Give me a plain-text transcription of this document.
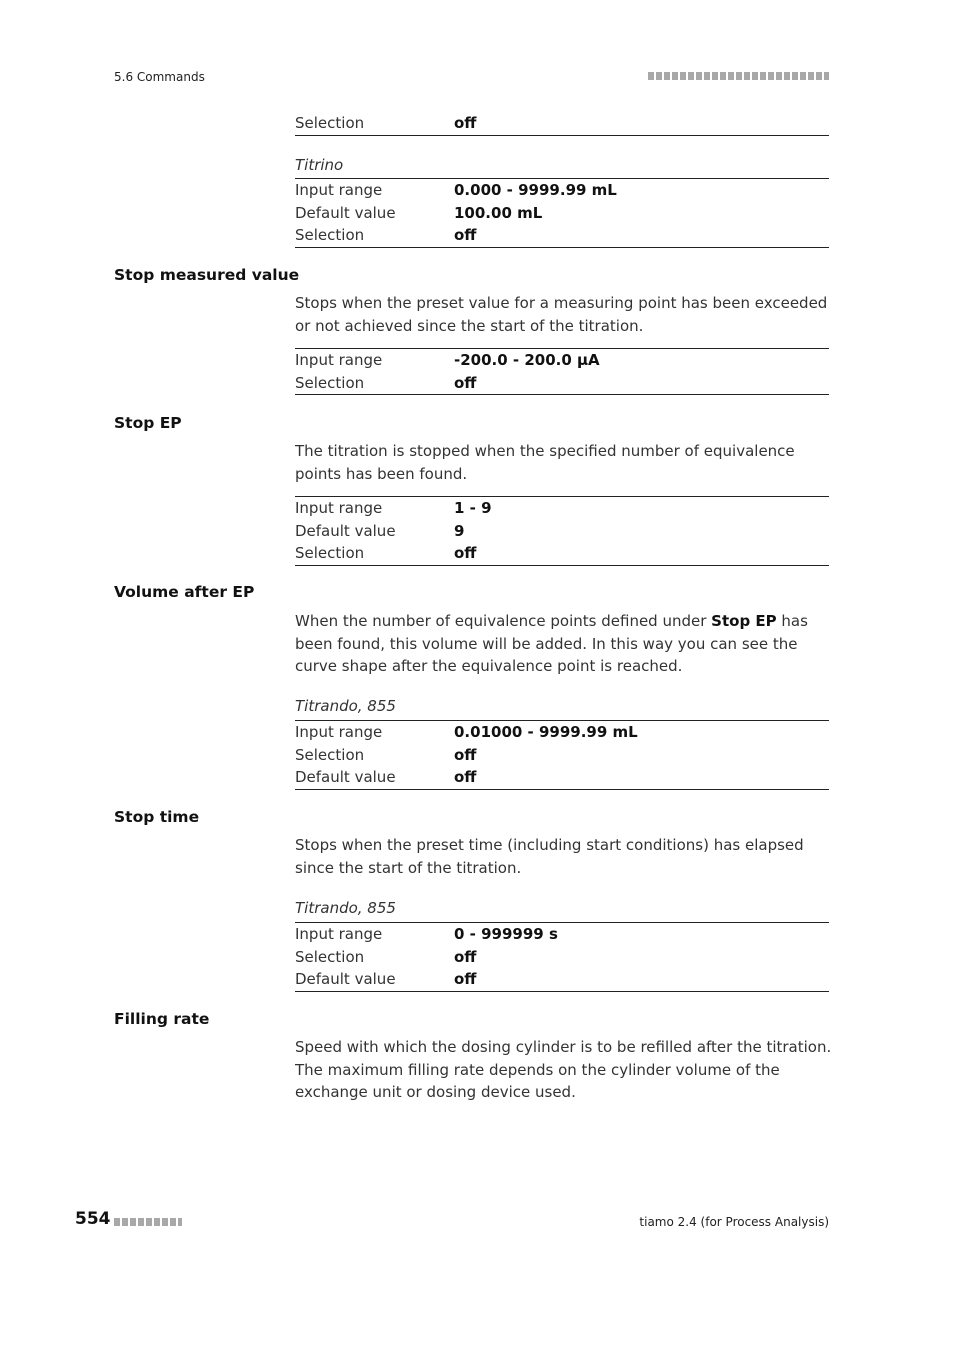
5.6 Commands
Selection	off
Titrino
Input range	0.000 - 9999.99 mL
Default value	100.00 mL
Selection	off
Stop measured value
Stops when the preset value for a measuring point has been exceeded or not achieved since the start of the titration.
Input range	-200.0 - 200.0 µA
Selection	off
Stop EP
The titration is stopped when the specified number of equivalence points has been found.
Input range	1 - 9
Default value	9
Selection	off
Volume after EP
When the number of equivalence points defined under Stop EP has been found, this volume will be added. In this way you can see the curve shape after the equivalence point is reached.
Titrando, 855
Input range	0.01000 - 9999.99 mL
Selection	off
Default value	off
Stop time
Stops when the preset time (including start conditions) has elapsed since the start of the titration.
Titrando, 855
Input range	0 - 999999 s
Selection	off
Default value	off
Filling rate
Speed with which the dosing cylinder is to be refilled after the titration. The maximum filling rate depends on the cylinder volume of the exchange unit or dosing device used.
554	tiamo 2.4 (for Process Analysis)
